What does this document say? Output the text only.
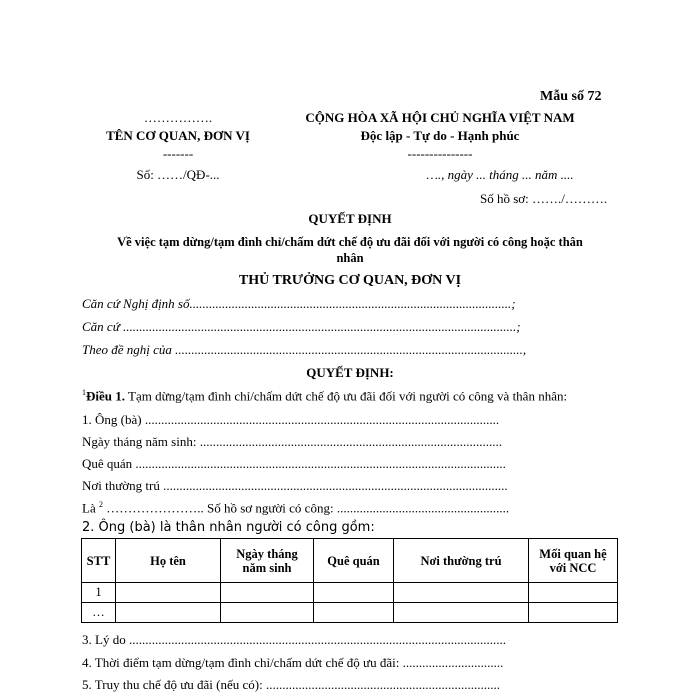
Mẫu số 72
…………….
TÊN CƠ QUAN, ĐƠN VỊ
-------
Số: ……/QĐ-...
CỘNG HÒA XÃ HỘI CHỦ NGHĨA VIỆT NAM
Độc lập - Tự do - Hạnh phúc
---------------
…., ngày ... tháng ... năm ....
Số hồ sơ: ……./……….
QUYẾT ĐỊNH
Về việc tạm dừng/tạm đình chỉ/chấm dứt chế độ ưu đãi đối với người có công hoặc thân
nhân
THỦ TRƯỞNG CƠ QUAN, ĐƠN VỊ
Căn cứ Nghị định số...................................................................................................;
Căn cứ .........................................................................................................................;
Theo đề nghị của ...........................................................................................................,
QUYẾT ĐỊNH:
$^1$Điều 1. Tạm dừng/tạm đình chỉ/chấm dứt chế độ ưu đãi đối với người có công và thân nhân:
1. Ông (bà) .............................................................................................................
Ngày tháng năm sinh: .............................................................................................
Quê quán ..................................................................................................................
Nơi thường trú ..........................................................................................................
Là $^2$ ………………….. Số hồ sơ người có công: .....................................................
2. Ông (bà) là thân nhân người có công gồm:
STT	Họ tên	Ngày tháng năm sinh	Quê quán	Nơi thường trú	Mối quan hệ với NCC
1					
…					
3. Lý do ....................................................................................................................
4. Thời điểm tạm dừng/tạm đình chỉ/chấm dứt chế độ ưu đãi: ...............................
5. Truy thu chế độ ưu đãi (nếu có): ........................................................................
